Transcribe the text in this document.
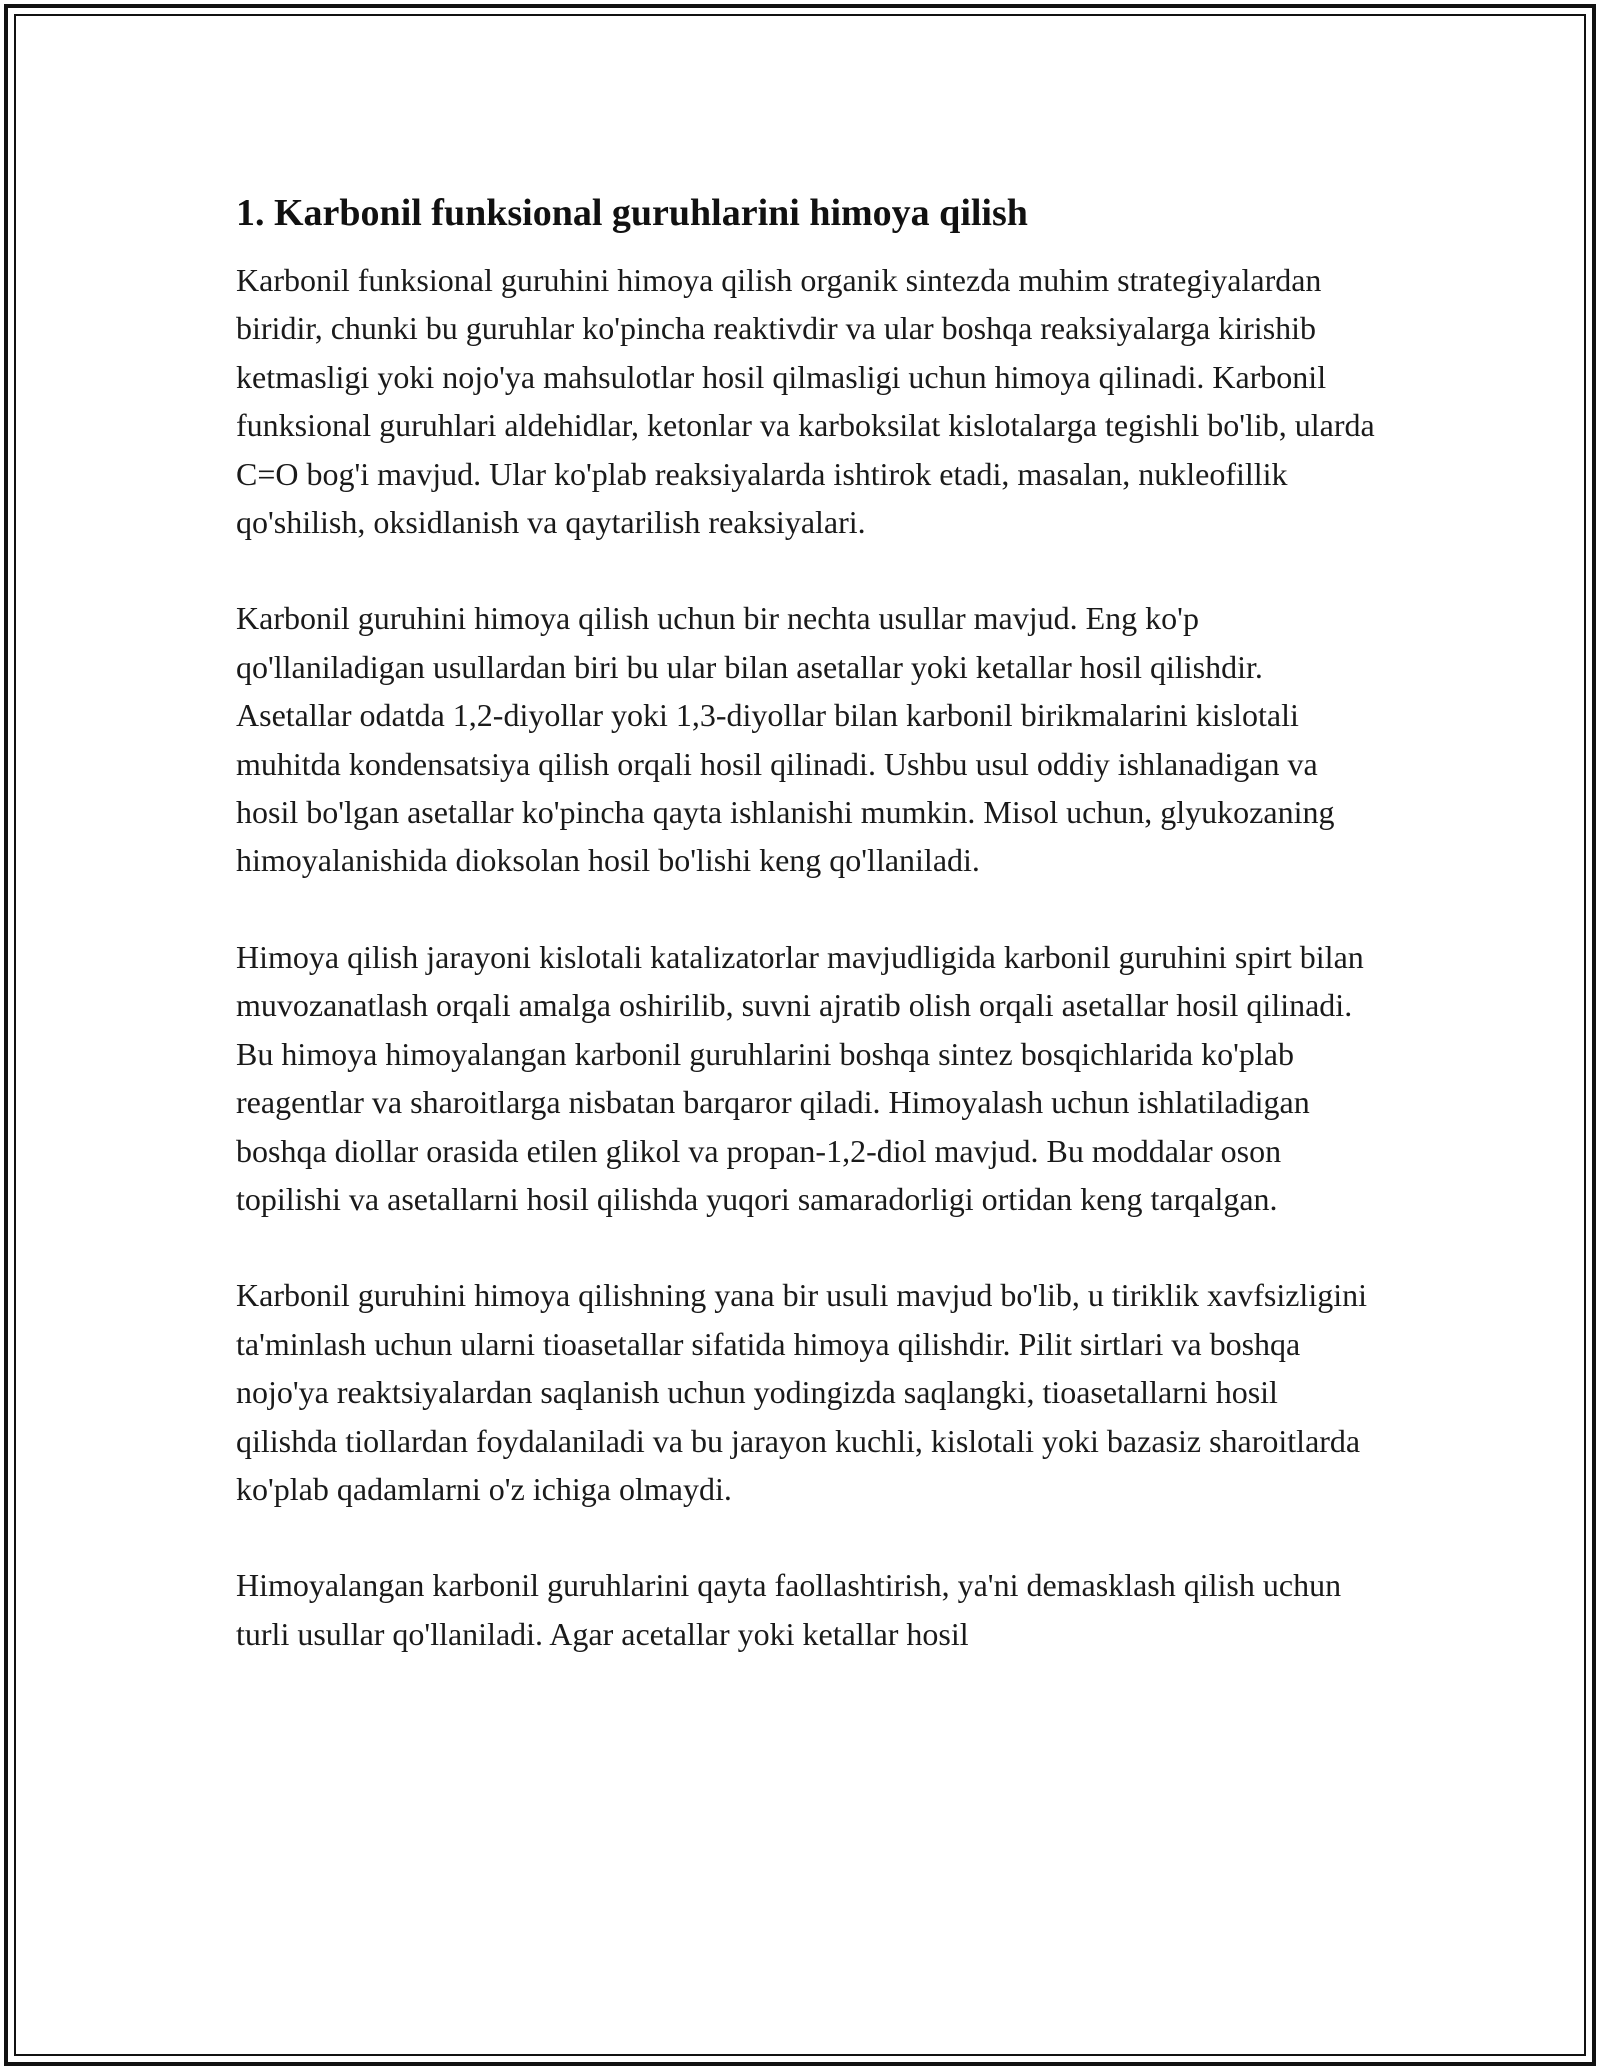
1. Karbonil funksional guruhlarini himoya qilish

Karbonil funksional guruhini himoya qilish organik sintezda muhim strategiyalardan biridir, chunki bu guruhlar ko'pincha reaktivdir va ular boshqa reaksiyalarga kirishib ketmasligi yoki nojo'ya mahsulotlar hosil qilmasligi uchun himoya qilinadi. Karbonil funksional guruhlari aldehidlar, ketonlar va karboksilat kislotalarga tegishli bo'lib, ularda C=O bog'i mavjud. Ular ko'plab reaksiyalarda ishtirok etadi, masalan, nukleofillik qo'shilish, oksidlanish va qaytarilish reaksiyalari.

Karbonil guruhini himoya qilish uchun bir nechta usullar mavjud. Eng ko'p qo'llaniladigan usullardan biri bu ular bilan asetallar yoki ketallar hosil qilishdir. Asetallar odatda 1,2-diyollar yoki 1,3-diyollar bilan karbonil birikmalarini kislotali muhitda kondensatsiya qilish orqali hosil qilinadi. Ushbu usul oddiy ishlanadigan va hosil bo'lgan asetallar ko'pincha qayta ishlanishi mumkin. Misol uchun, glyukozaning himoyalanishida dioksolan hosil bo'lishi keng qo'llaniladi.

Himoya qilish jarayoni kislotali katalizatorlar mavjudligida karbonil guruhini spirt bilan muvozanatlash orqali amalga oshirilib, suvni ajratib olish orqali asetallar hosil qilinadi. Bu himoya himoyalangan karbonil guruhlarini boshqa sintez bosqichlarida ko'plab reagentlar va sharoitlarga nisbatan barqaror qiladi. Himoyalash uchun ishlatiladigan boshqa diollar orasida etilen glikol va propan-1,2-diol mavjud. Bu moddalar oson topilishi va asetallarni hosil qilishda yuqori samaradorligi ortidan keng tarqalgan.

Karbonil guruhini himoya qilishning yana bir usuli mavjud bo'lib, u tiriklik xavfsizligini ta'minlash uchun ularni tioasetallar sifatida himoya qilishdir. Pilit sirtlari va boshqa nojo'ya reaktsiyalardan saqlanish uchun yodingizda saqlangki, tioasetallarni hosil qilishda tiollardan foydalaniladi va bu jarayon kuchli, kislotali yoki bazasiz sharoitlarda ko'plab qadamlarni o'z ichiga olmaydi.

Himoyalangan karbonil guruhlarini qayta faollashtirish, ya'ni demasklash qilish uchun turli usullar qo'llaniladi. Agar acetallar yoki ketallar hosil
